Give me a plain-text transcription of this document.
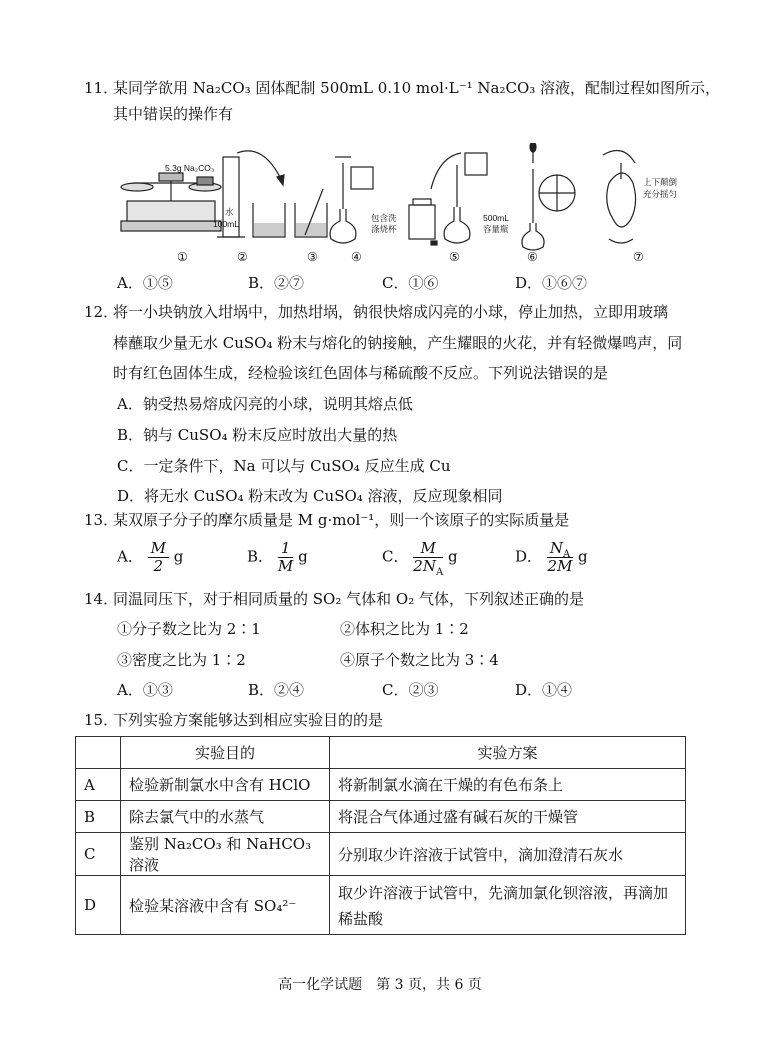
11．
某同学欲用 Na₂CO₃ 固体配制 500mL 0.10 mol·L⁻¹ Na₂CO₃ 溶液，配制过程如图所示，
其中错误的操作有
5.3g Na₂CO₃
水
100mL
包含洗
涤烧杯
500mL
容量瓶
上下颠倒
充分摇匀
①	②	③	④	⑤	⑥	⑦
A．①⑤	B．②⑦	C．①⑥	D．①⑥⑦
12．
将一小块钠放入坩埚中，加热坩埚，钠很快熔成闪亮的小球，停止加热，立即用玻璃
棒蘸取少量无水 CuSO₄ 粉末与熔化的钠接触，产生耀眼的火花，并有轻微爆鸣声，同
时有红色固体生成，经检验该红色固体与稀硫酸不反应。下列说法错误的是
A．钠受热易熔成闪亮的小球，说明其熔点低
B．钠与 CuSO₄ 粉末反应时放出大量的热
C．一定条件下，Na 可以与 CuSO₄ 反应生成 Cu
D．将无水 CuSO₄ 粉末改为 CuSO₄ 溶液，反应现象相同
13．
某双原子分子的摩尔质量是 M g·mol⁻¹，则一个该原子的实际质量是
A． $\frac{M}{2}$ g	B． $\frac{1}{M}$ g	C． $\frac{M}{2N_A}$ g	D． $\frac{N_A}{2M}$ g
14．
同温同压下，对于相同质量的 SO₂ 气体和 O₂ 气体，下列叙述正确的是
①分子数之比为 2∶1	②体积之比为 1∶2
③密度之比为 1∶2	④原子个数之比为 3∶4
A．①③	B．②④	C．②③	D．①④
15．
下列实验方案能够达到相应实验目的的是
	实验目的	实验方案
A	检验新制氯水中含有 HClO	将新制氯水滴在干燥的有色布条上
B	除去氯气中的水蒸气	将混合气体通过盛有碱石灰的干燥管
C	鉴别 Na₂CO₃ 和 NaHCO₃ 溶液	分别取少许溶液于试管中，滴加澄清石灰水
D	检验某溶液中含有 SO₄²⁻	取少许溶液于试管中，先滴加氯化钡溶液，再滴加
稀盐酸
高一化学试题　第 3 页，共 6 页
